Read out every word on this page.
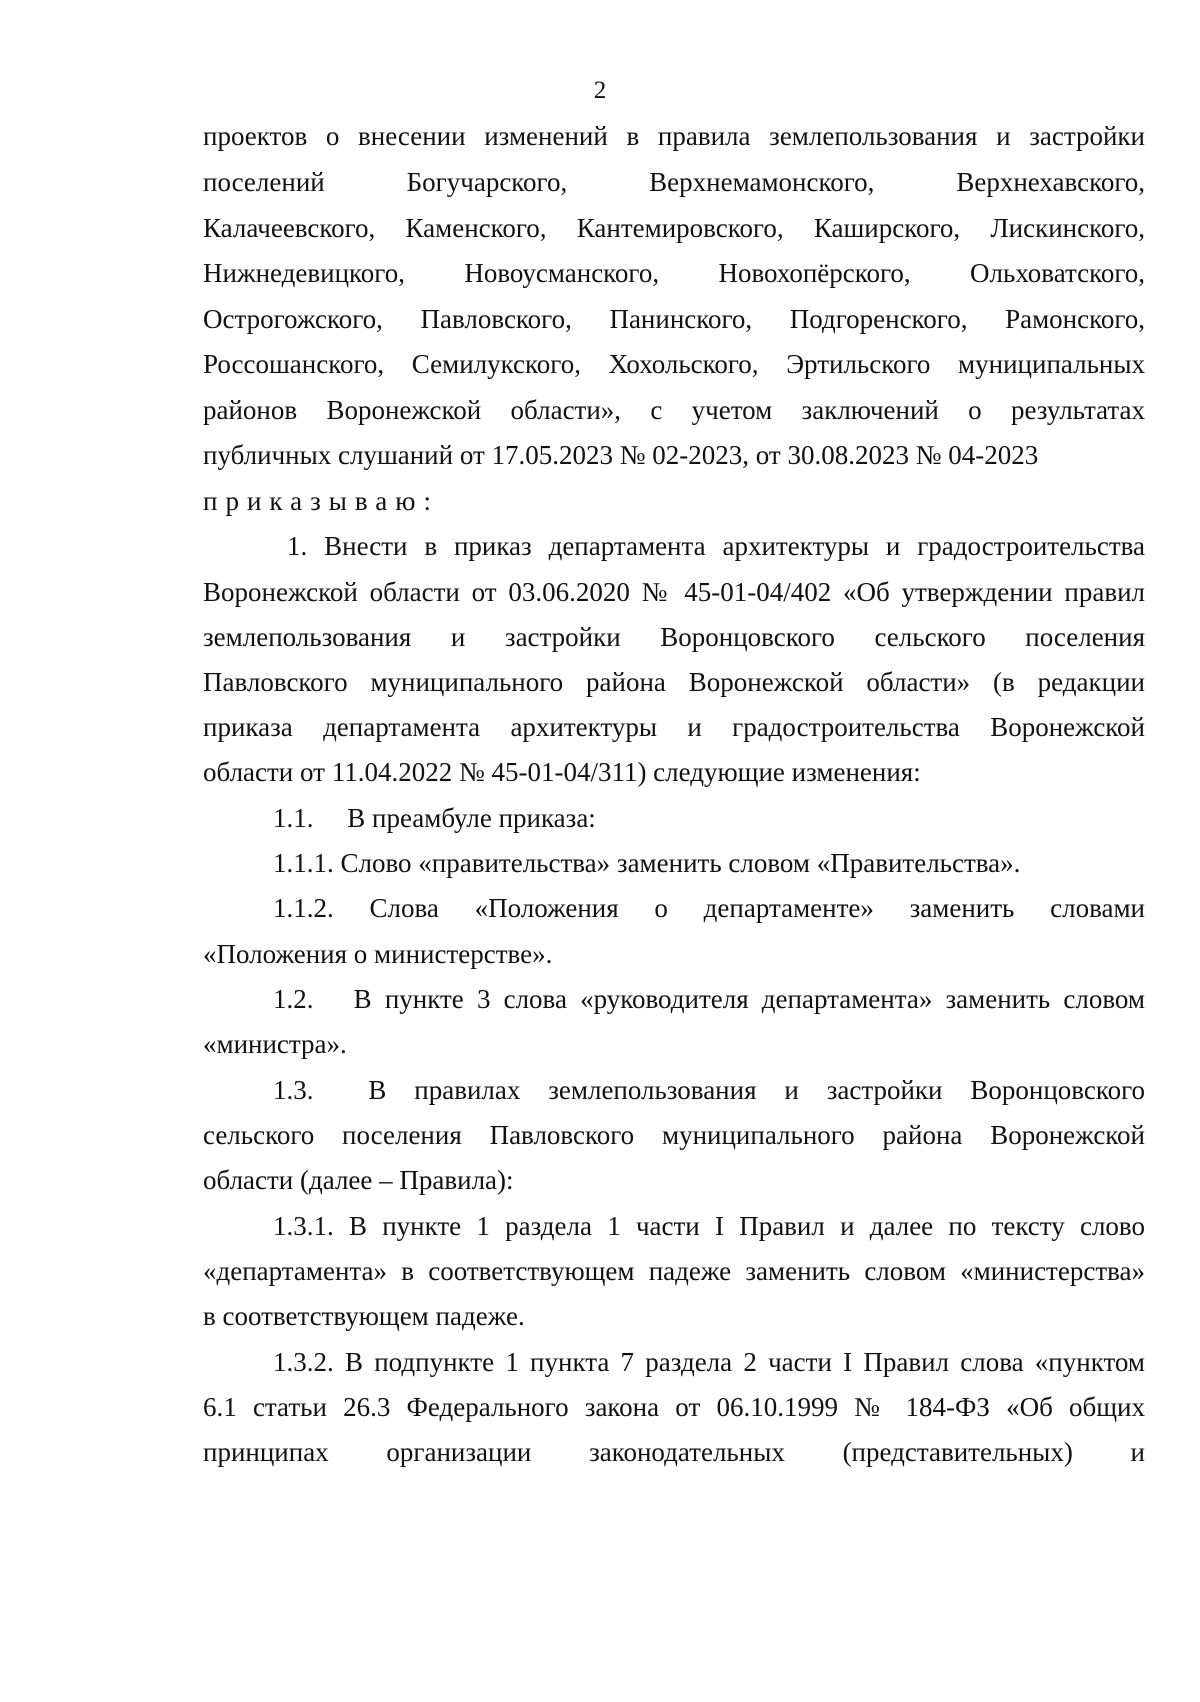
2
проектов о внесении изменений в правила землепользования и застройки
поселений Богучарского, Верхнемамонского, Верхнехавского,
Калачеевского, Каменского, Кантемировского, Каширского, Лискинского,
Нижнедевицкого, Новоусманского, Новохопёрского, Ольховатского,
Острогожского, Павловского, Панинского, Подгоренского, Рамонского,
Россошанского, Семилукского, Хохольского, Эртильского муниципальных
районов Воронежской области», с учетом заключений о результатах
публичных слушаний от 17.05.2023 № 02-2023, от 30.08.2023 № 04-2023
приказываю:
1. Внести в приказ департамента архитектуры и градостроительства
Воронежской области от 03.06.2020 № 45-01-04/402 «Об утверждении правил
землепользования и застройки Воронцовского сельского поселения
Павловского муниципального района Воронежской области» (в редакции
приказа департамента архитектуры и градостроительства Воронежской
области от 11.04.2022 № 45-01-04/311) следующие изменения:
1.1.  В преамбуле приказа:
1.1.1. Слово «правительства» заменить словом «Правительства».
1.1.2. Слова «Положения о департаменте» заменить словами
«Положения о министерстве».
1.2.  В пункте 3 слова «руководителя департамента» заменить словом
«министра».
1.3.  В правилах землепользования и застройки Воронцовского
сельского поселения Павловского муниципального района Воронежской
области (далее – Правила):
1.3.1. В пункте 1 раздела 1 части I Правил и далее по тексту слово
«департамента» в соответствующем падеже заменить словом «министерства»
в соответствующем падеже.
1.3.2. В подпункте 1 пункта 7 раздела 2 части I Правил слова «пунктом
6.1 статьи 26.3 Федерального закона от 06.10.1999 № 184-ФЗ «Об общих
принципах организации законодательных (представительных) и
